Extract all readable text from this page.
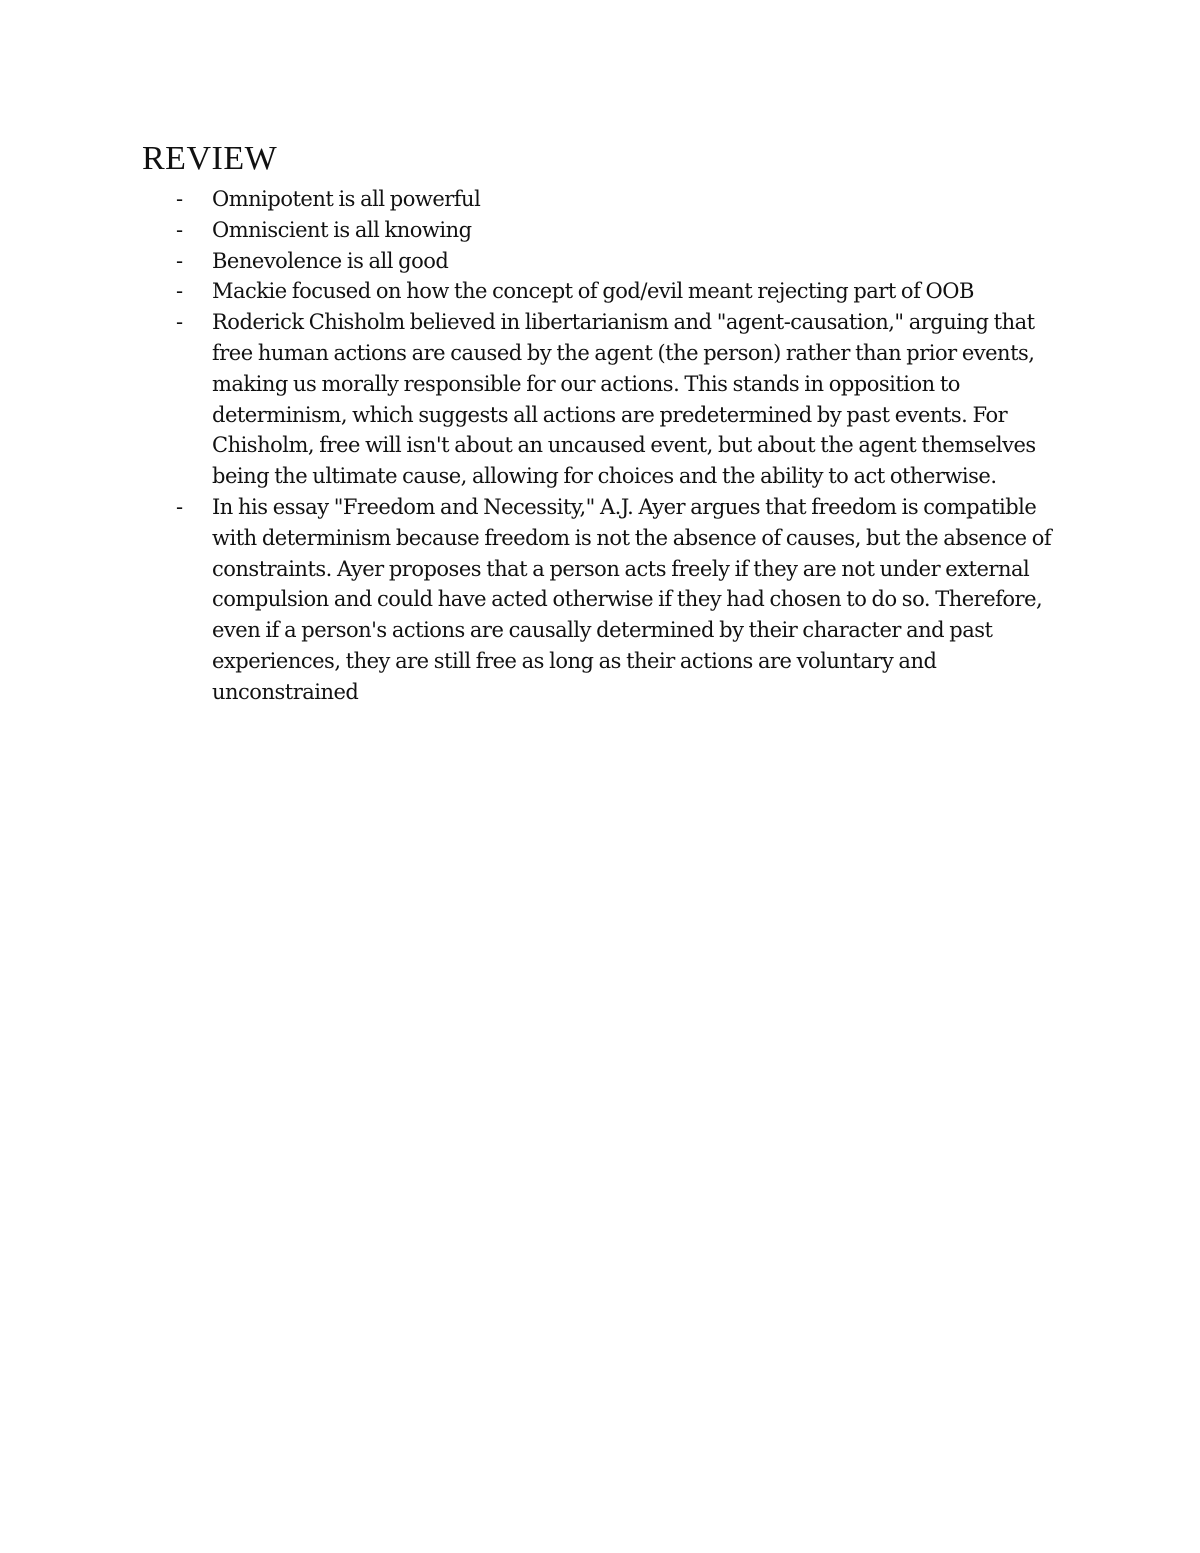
REVIEW
-	Omnipotent is all powerful
-	Omniscient is all knowing
-	Benevolence is all good
-	Mackie focused on how the concept of god/evil meant rejecting part of OOB
-	Roderick Chisholm believed in libertarianism and "agent-causation," arguing that free human actions are caused by the agent (the person) rather than prior events, making us morally responsible for our actions. This stands in opposition to determinism, which suggests all actions are predetermined by past events. For Chisholm, free will isn't about an uncaused event, but about the agent themselves being the ultimate cause, allowing for choices and the ability to act otherwise.
-	In his essay "Freedom and Necessity," A.J. Ayer argues that freedom is compatible with determinism because freedom is not the absence of causes, but the absence of constraints. Ayer proposes that a person acts freely if they are not under external compulsion and could have acted otherwise if they had chosen to do so. Therefore, even if a person's actions are causally determined by their character and past experiences, they are still free as long as their actions are voluntary and unconstrained
